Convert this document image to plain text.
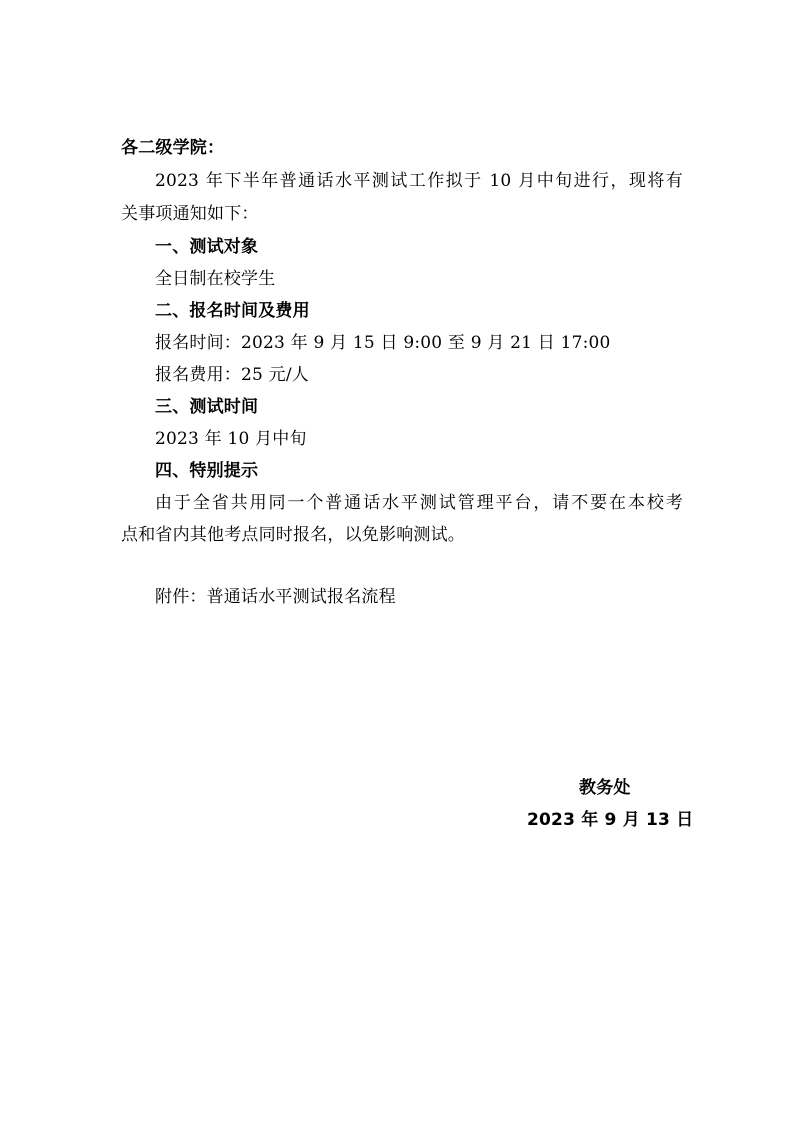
各二级学院：
2023 年下半年普通话水平测试工作拟于 10 月中旬进行，现将有
关事项通知如下：
一、测试对象
全日制在校学生
二、报名时间及费用
报名时间：2023 年 9 月 15 日 9:00 至 9 月 21 日 17:00
报名费用：25 元/人
三、测试时间
2023 年 10 月中旬
四、特别提示
由于全省共用同一个普通话水平测试管理平台，请不要在本校考
点和省内其他考点同时报名，以免影响测试。
附件：普通话水平测试报名流程
教务处
2023 年 9 月 13 日
